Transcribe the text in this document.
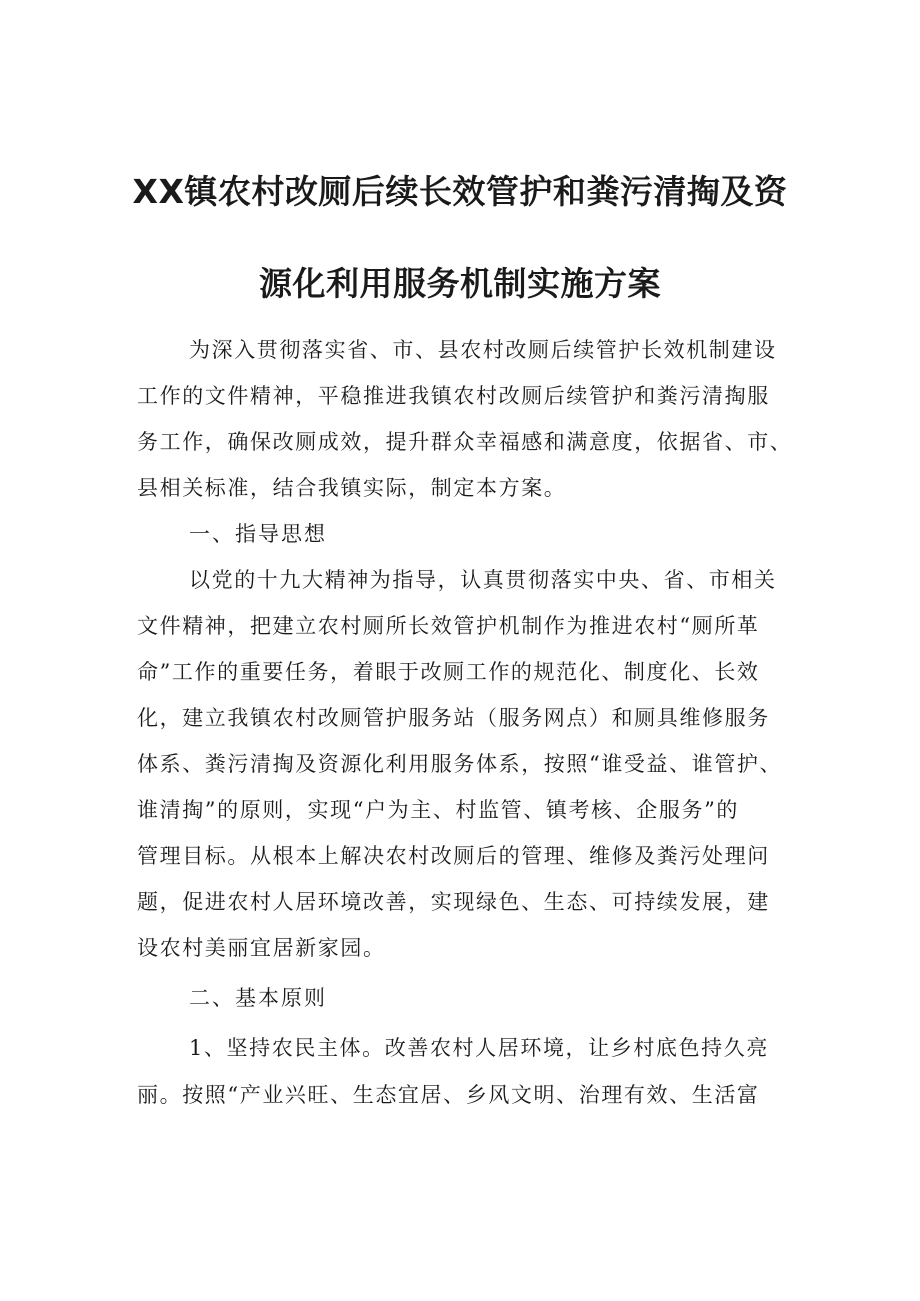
XX镇农村改厕后续长效管护和粪污清掏及资
源化利用服务机制实施方案
为深入贯彻落实省、市、县农村改厕后续管护长效机制建设
工作的文件精神，平稳推进我镇农村改厕后续管护和粪污清掏服
务工作，确保改厕成效，提升群众幸福感和满意度，依据省、市、
县相关标准，结合我镇实际，制定本方案。
一、指导思想
以党的十九大精神为指导，认真贯彻落实中央、省、市相关
文件精神，把建立农村厕所长效管护机制作为推进农村“厕所革
命”工作的重要任务，着眼于改厕工作的规范化、制度化、长效
化，建立我镇农村改厕管护服务站（服务网点）和厕具维修服务
体系、粪污清掏及资源化利用服务体系，按照“谁受益、谁管护、
谁清掏”的原则，实现“户为主、村监管、镇考核、企服务”的
管理目标。从根本上解决农村改厕后的管理、维修及粪污处理问
题，促进农村人居环境改善，实现绿色、生态、可持续发展，建
设农村美丽宜居新家园。
二、基本原则
1、坚持农民主体。改善农村人居环境，让乡村底色持久亮
丽。按照“产业兴旺、生态宜居、乡风文明、治理有效、生活富
